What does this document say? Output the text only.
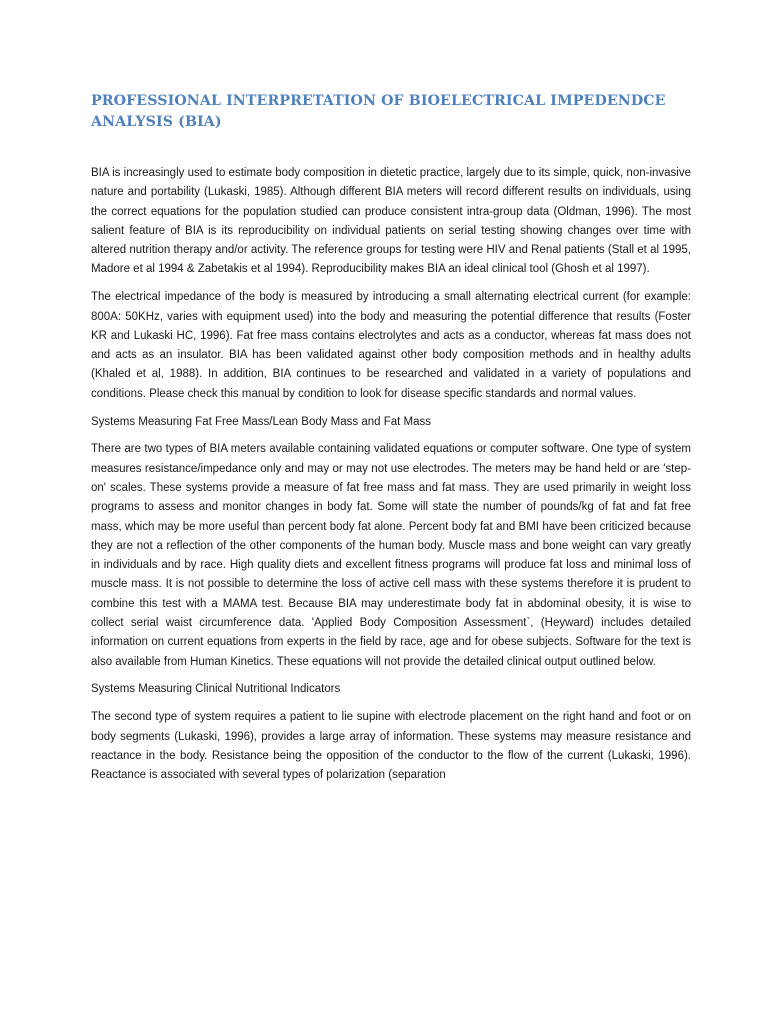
PROFESSIONAL INTERPRETATION OF BIOELECTRICAL IMPEDENDCE ANALYSIS (BIA)

BIA is increasingly used to estimate body composition in dietetic practice, largely due to its simple, quick, non-invasive nature and portability (Lukaski, 1985). Although different BIA meters will record different results on individuals, using the correct equations for the population studied can produce consistent intra-group data (Oldman, 1996). The most salient feature of BIA is its reproducibility on individual patients on serial testing showing changes over time with altered nutrition therapy and/or activity. The reference groups for testing were HIV and Renal patients (Stall et al 1995, Madore et al 1994 & Zabetakis et al 1994). Reproducibility makes BIA an ideal clinical tool (Ghosh et al 1997).

The electrical impedance of the body is measured by introducing a small alternating electrical current (for example: 800A: 50KHz, varies with equipment used) into the body and measuring the potential difference that results (Foster KR and Lukaski HC, 1996). Fat free mass contains electrolytes and acts as a conductor, whereas fat mass does not and acts as an insulator. BIA has been validated against other body composition methods and in healthy adults (Khaled et al, 1988). In addition, BIA continues to be researched and validated in a variety of populations and conditions. Please check this manual by condition to look for disease specific standards and normal values.

Systems Measuring Fat Free Mass/Lean Body Mass and Fat Mass

There are two types of BIA meters available containing validated equations or computer software. One type of system measures resistance/impedance only and may or may not use electrodes. The meters may be hand held or are 'step-on' scales. These systems provide a measure of fat free mass and fat mass. They are used primarily in weight loss programs to assess and monitor changes in body fat. Some will state the number of pounds/kg of fat and fat free mass, which may be more useful than percent body fat alone. Percent body fat and BMI have been criticized because they are not a reflection of the other components of the human body. Muscle mass and bone weight can vary greatly in individuals and by race. High quality diets and excellent fitness programs will produce fat loss and minimal loss of muscle mass. It is not possible to determine the loss of active cell mass with these systems therefore it is prudent to combine this test with a MAMA test. Because BIA may underestimate body fat in abdominal obesity, it is wise to collect serial waist circumference data. 'Applied Body Composition Assessment`, (Heyward) includes detailed information on current equations from experts in the field by race, age and for obese subjects. Software for the text is also available from Human Kinetics. These equations will not provide the detailed clinical output outlined below.

Systems Measuring Clinical Nutritional Indicators

The second type of system requires a patient to lie supine with electrode placement on the right hand and foot or on body segments (Lukaski, 1996), provides a large array of information. These systems may measure resistance and reactance in the body. Resistance being the opposition of the conductor to the flow of the current (Lukaski, 1996). Reactance is associated with several types of polarization (separation
